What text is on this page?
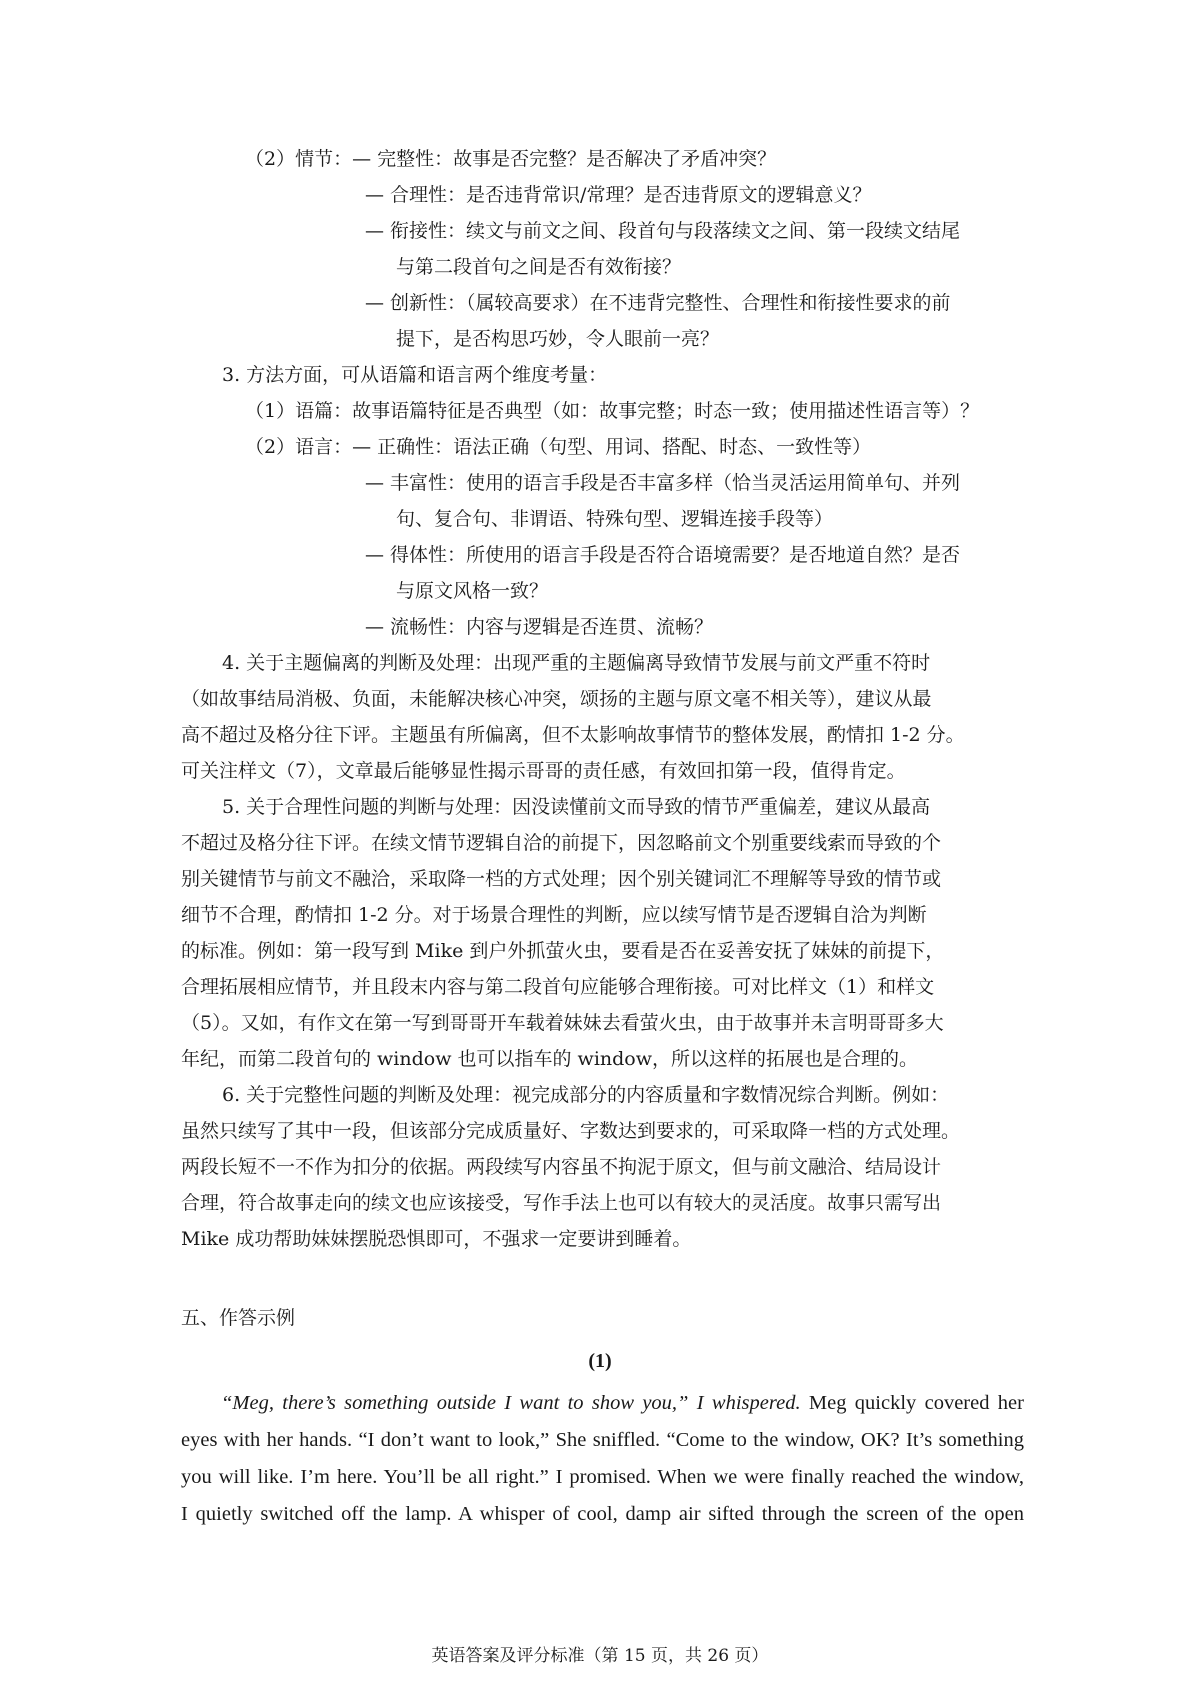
（2）情节：— 完整性：故事是否完整？是否解决了矛盾冲突？
— 合理性：是否违背常识/常理？是否违背原文的逻辑意义？
— 衔接性：续文与前文之间、段首句与段落续文之间、第一段续文结尾
与第二段首句之间是否有效衔接？
— 创新性：（属较高要求）在不违背完整性、合理性和衔接性要求的前
提下，是否构思巧妙，令人眼前一亮？
3. 方法方面，可从语篇和语言两个维度考量：
（1）语篇：故事语篇特征是否典型（如：故事完整；时态一致；使用描述性语言等）？
（2）语言：— 正确性：语法正确（句型、用词、搭配、时态、一致性等）
— 丰富性：使用的语言手段是否丰富多样（恰当灵活运用简单句、并列
句、复合句、非谓语、特殊句型、逻辑连接手段等）
— 得体性：所使用的语言手段是否符合语境需要？是否地道自然？是否
与原文风格一致？
— 流畅性：内容与逻辑是否连贯、流畅？
4. 关于主题偏离的判断及处理：出现严重的主题偏离导致情节发展与前文严重不符时
（如故事结局消极、负面，未能解决核心冲突，颂扬的主题与原文毫不相关等），建议从最
高不超过及格分往下评。主题虽有所偏离，但不太影响故事情节的整体发展，酌情扣 1-2 分。
可关注样文（7），文章最后能够显性揭示哥哥的责任感，有效回扣第一段，值得肯定。
5. 关于合理性问题的判断与处理：因没读懂前文而导致的情节严重偏差，建议从最高
不超过及格分往下评。在续文情节逻辑自洽的前提下，因忽略前文个别重要线索而导致的个
别关键情节与前文不融洽，采取降一档的方式处理；因个别关键词汇不理解等导致的情节或
细节不合理，酌情扣 1-2 分。对于场景合理性的判断，应以续写情节是否逻辑自洽为判断
的标准。例如：第一段写到 Mike 到户外抓萤火虫，要看是否在妥善安抚了妹妹的前提下，
合理拓展相应情节，并且段末内容与第二段首句应能够合理衔接。可对比样文（1）和样文
（5）。又如，有作文在第一写到哥哥开车载着妹妹去看萤火虫，由于故事并未言明哥哥多大
年纪，而第二段首句的 window 也可以指车的 window，所以这样的拓展也是合理的。
6. 关于完整性问题的判断及处理：视完成部分的内容质量和字数情况综合判断。例如：
虽然只续写了其中一段，但该部分完成质量好、字数达到要求的，可采取降一档的方式处理。
两段长短不一不作为扣分的依据。两段续写内容虽不拘泥于原文，但与前文融洽、结局设计
合理，符合故事走向的续文也应该接受，写作手法上也可以有较大的灵活度。故事只需写出
Mike 成功帮助妹妹摆脱恐惧即可，不强求一定要讲到睡着。
五、作答示例
(1)
“Meg, there’s something outside I want to show you,” I whispered. Meg quickly covered her
eyes with her hands. “I don’t want to look,” She sniffled. “Come to the window, OK? It’s something
you will like. I’m here. You’ll be all right.” I promised. When we were finally reached the window,
I quietly switched off the lamp. A whisper of cool, damp air sifted through the screen of the open
英语答案及评分标准（第 15 页，共 26 页）
